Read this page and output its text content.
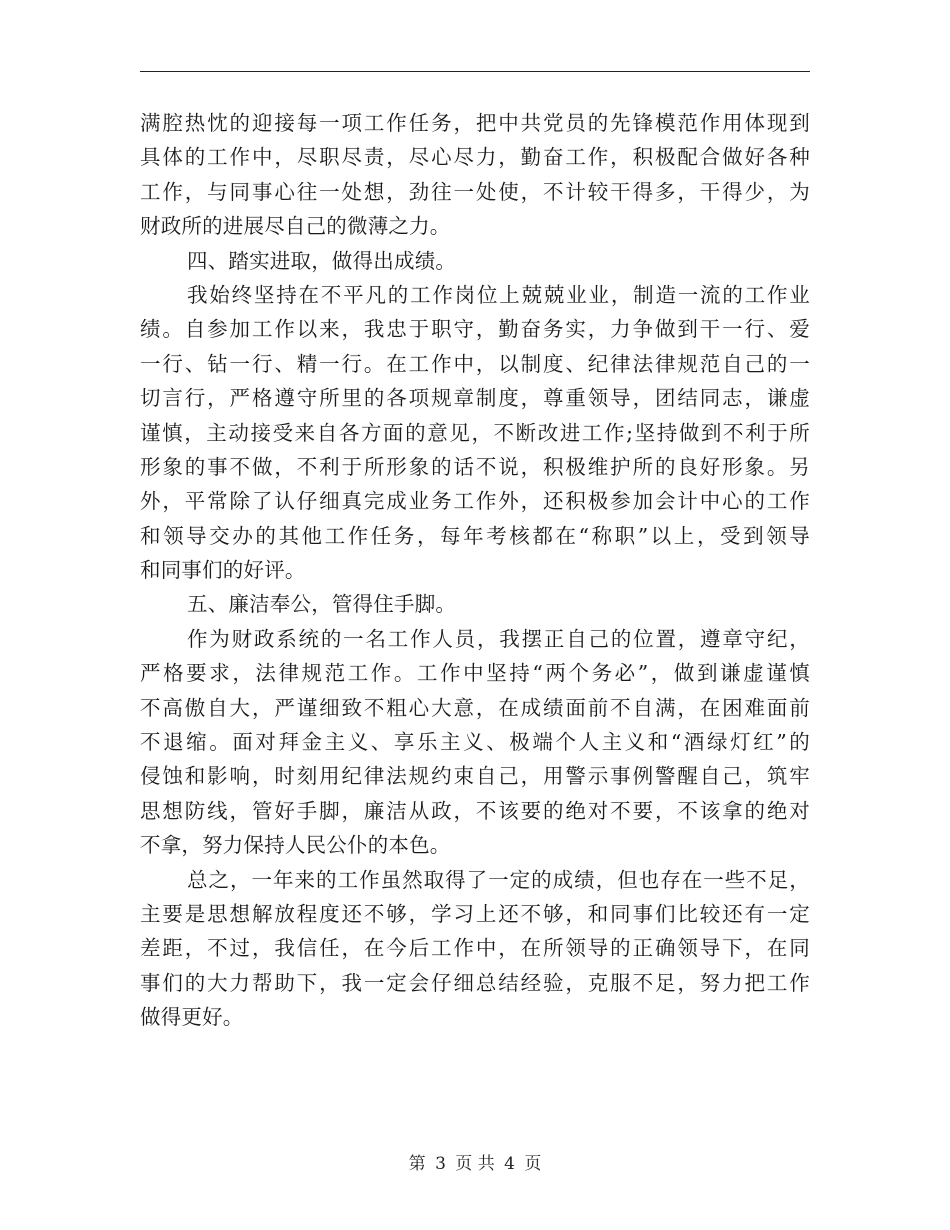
满腔热忱的迎接每一项工作任务，把中共党员的先锋模范作用体现到
具体的工作中，尽职尽责，尽心尽力，勤奋工作，积极配合做好各种
工作，与同事心往一处想，劲往一处使，不计较干得多，干得少，为
财政所的进展尽自己的微薄之力。
四、踏实进取，做得出成绩。
我始终坚持在不平凡的工作岗位上兢兢业业，制造一流的工作业
绩。自参加工作以来，我忠于职守，勤奋务实，力争做到干一行、爱
一行、钻一行、精一行。在工作中，以制度、纪律法律规范自己的一
切言行，严格遵守所里的各项规章制度，尊重领导，团结同志，谦虚
谨慎，主动接受来自各方面的意见，不断改进工作;坚持做到不利于所
形象的事不做，不利于所形象的话不说，积极维护所的良好形象。另
外，平常除了认仔细真完成业务工作外，还积极参加会计中心的工作
和领导交办的其他工作任务，每年考核都在“称职”以上，受到领导
和同事们的好评。
五、廉洁奉公，管得住手脚。
作为财政系统的一名工作人员，我摆正自己的位置，遵章守纪，
严格要求，法律规范工作。工作中坚持“两个务必”，做到谦虚谨慎
不高傲自大，严谨细致不粗心大意，在成绩面前不自满，在困难面前
不退缩。面对拜金主义、享乐主义、极端个人主义和“酒绿灯红”的
侵蚀和影响，时刻用纪律法规约束自己，用警示事例警醒自己，筑牢
思想防线，管好手脚，廉洁从政，不该要的绝对不要，不该拿的绝对
不拿，努力保持人民公仆的本色。
总之，一年来的工作虽然取得了一定的成绩，但也存在一些不足，
主要是思想解放程度还不够，学习上还不够，和同事们比较还有一定
差距，不过，我信任，在今后工作中，在所领导的正确领导下，在同
事们的大力帮助下，我一定会仔细总结经验，克服不足，努力把工作
做得更好。
第 3 页 共 4 页
